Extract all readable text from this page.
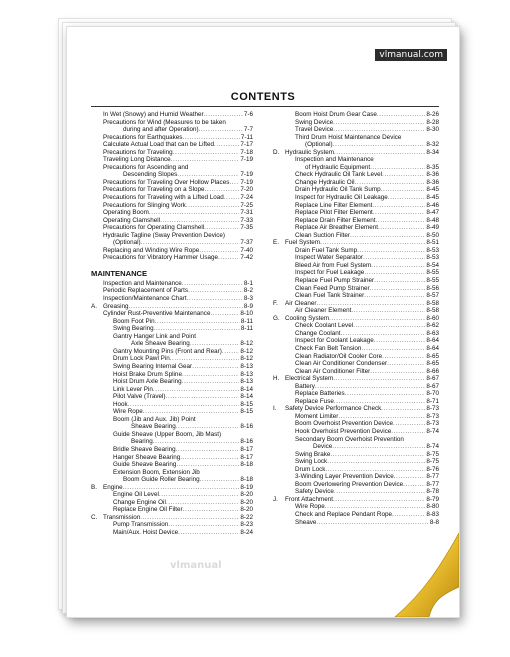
vlmanual.com
CONTENTS
In Wet (Snowy) and Humid Weather .....	7-6
Precautions for Wind (Measures to be taken
during and after Operation) .....	7-7
Precautions for Earthquakes .....	7-11
Calculate Actual Load that can be Lifted .....	7-17
Precautions for Traveling .....	7-18
Traveling Long Distance .....	7-19
Precautions for Ascending and
Descending Slopes .....	7-19
Precautions for Traveling Over Hollow Places ..... 7-19
Precautions for Traveling on a Slope .....	7-20
Precautions for Traveling with a Lifted Load .....	7-24
Precautions for Slinging Work .....	7-25
Operating Boom .....	7-31
Operating Clamshell .....	7-33
Precautions for Operating Clamshell .....	7-35
Hydraulic Tagline (Sway Prevention Device)
(Optional) .....	7-37
Replacing and Winding Wire Rope .....	7-40
Precautions for Vibratory Hammer Usage .....	7-42
MAINTENANCE
Inspection and Maintenance .....	8-1
Periodic Replacement of Parts .....	8-2
Inspection/Maintenance Chart .....	8-3
A. Greasing .....	8-9
Cylinder Rust-Preventive Maintenance .....	8-10
Boom Foot Pin .....	8-11
Swing Bearing .....	8-11
Gantry Hanger Link and Point
Axle Sheave Bearing .....	8-12
Gantry Mounting Pins (Front and Rear) .....	8-12
Drum Lock Pawl Pin .....	8-12
Swing Bearing Internal Gear .....	8-13
Hoist Brake Drum Spline .....	8-13
Hoist Drum Axle Bearing .....	8-13
Link Lever Pin .....	8-14
Pilot Valve (Travel) .....	8-14
Hook .....	8-15
Wire Rope .....	8-15
Boom (Jib and Aux. Jib) Point
Sheave Bearing .....	8-16
Guide Sheave (Upper Boom, Jib Mast)
Bearing .....	8-16
Bridle Sheave Bearing .....	8-17
Hanger Sheave Bearing .....	8-17
Guide Sheave Bearing .....	8-18
Extension Boom, Extension Jib
Boom Guide Roller Bearing .....	8-18
B. Engine .....	8-19
Engine Oil Level .....	8-20
Change Engine Oil .....	8-20
Replace Engine Oil Filter .....	8-20
C. Transmission .....	8-22
Pump Transmission .....	8-23
Main/Aux. Hoist Device .....	8-24
Boom Hoist Drum Gear Case .....	8-26
Swing Device .....	8-28
Travel Device .....	8-30
Third Drum Hoist Maintenance Device
(Optional) .....	8-32
D. Hydraulic System .....	8-34
Inspection and Maintenance
of Hydraulic Equipment .....	8-35
Check Hydraulic Oil Tank Level .....	8-36
Change Hydraulic Oil .....	8-36
Drain Hydraulic Oil Tank Sump .....	8-45
Inspect for Hydraulic Oil Leakage .....	8-45
Replace Line Filter Element .....	8-46
Replace Pilot Filter Element .....	8-47
Replace Drain Filter Element .....	8-48
Replace Air Breather Element .....	8-49
Clean Suction Filter .....	8-50
E. Fuel System .....	8-51
Drain Fuel Tank Sump .....	8-53
Inspect Water Separator .....	8-53
Bleed Air from Fuel System .....	8-54
Inspect for Fuel Leakage .....	8-55
Replace Fuel Pump Strainer .....	8-55
Clean Feed Pump Strainer .....	8-56
Clean Fuel Tank Strainer .....	8-57
F.	Air Cleaner .....	8-58
Air Cleaner Element .....	8-58
G. Cooling System .....	8-60
Check Coolant Level .....	8-62
Change Coolant .....	8-63
Inspect for Coolant Leakage .....	8-64
Check Fan Belt Tension .....	8-64
Clean Radiator/Oil Cooler Core .....	8-65
Clean Air Conditioner Condenser .....	8-65
Clean Air Conditioner Filter .....	8-66
H. Electrical System .....	8-67
Battery .....	8-67
Replace Batteries .....	8-70
Replace Fuse .....	8-71
I.	Safety Device Performance Check .....	8-73
Moment Limiter .....	8-73
Boom Overhoist Prevention Device .....	8-73
Hook Overhoist Prevention Device .....	8-74
Secondary Boom Overhoist Prevention
Device .....	8-74
Swing Brake .....	8-75
Swing Lock .....	8-75
Drum Lock .....	8-76
3-Winding Layer Prevention Device .....	8-77
Boom Overlowering Prevention Device .....	8-77
Safety Device .....	8-78
J.	Front Attachment .....	8-79
Wire Rope .....	8-80
Check and Replace Pendant Rope .....	8-83
Sheave .....	8-8
vlmanual
